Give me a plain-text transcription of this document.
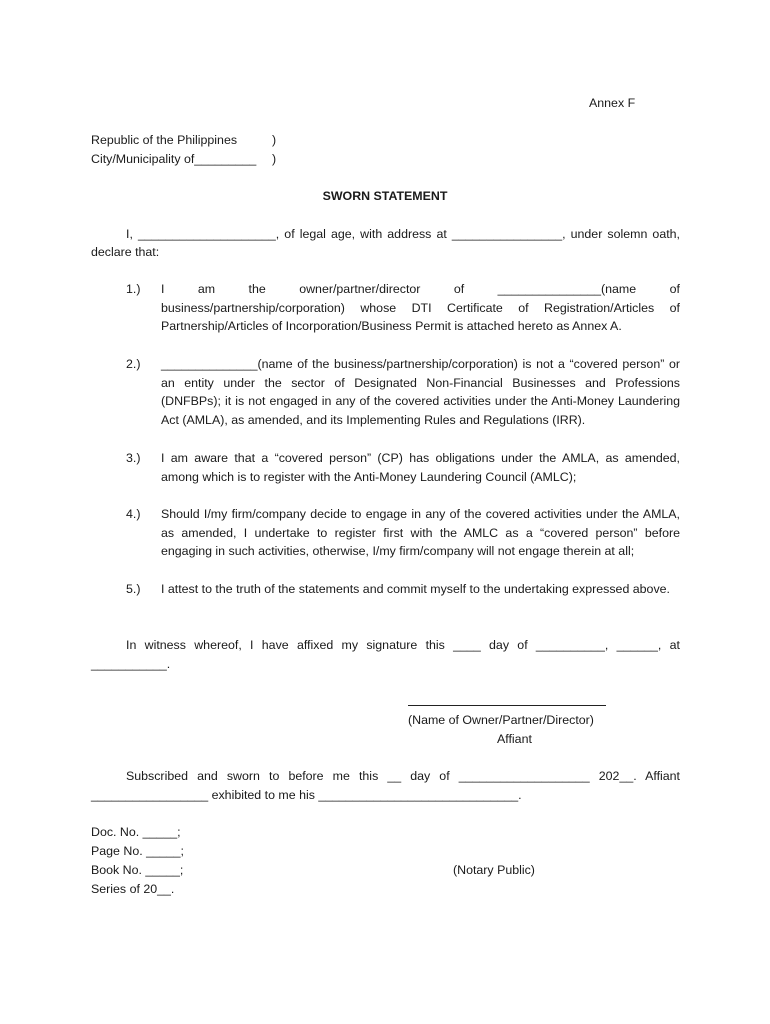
Annex F
Republic of the Philippines	)
City/Municipality of_________ )
SWORN STATEMENT
I, ____________________, of legal age, with address at ________________, under solemn oath,
declare that:
1.) I	am	the	owner/partner/director	of	_______________(name	of
business/partnership/corporation) whose DTI Certificate of Registration/Articles of Partnership/Articles of Incorporation/Business Permit is attached hereto as Annex A.
2.) ______________(name of the business/partnership/corporation) is not a “covered person” or an entity under the sector of Designated Non-Financial Businesses and Professions (DNFBPs); it is not engaged in any of the covered activities under the Anti-Money Laundering Act (AMLA), as amended, and its Implementing Rules and Regulations (IRR).
3.) I am aware that a “covered person” (CP) has obligations under the AMLA, as amended, among which is to register with the Anti-Money Laundering Council (AMLC);
4.) Should I/my firm/company decide to engage in any of the covered activities under the AMLA, as amended, I undertake to register first with the AMLC as a “covered person” before engaging in such activities, otherwise, I/my firm/company will not engage therein at all;
5.) I attest to the truth of the statements and commit myself to the undertaking expressed above.
In witness whereof, I have affixed my signature this ____ day of __________, ______, at
___________.
(Name of Owner/Partner/Director)
Affiant
Subscribed and sworn to before me this __ day of ___________________ 202__. Affiant
_________________ exhibited to me his _____________________________.
Doc. No. _____;
Page No. _____;
Book No. _____;
Series of 20__.
(Notary Public)
